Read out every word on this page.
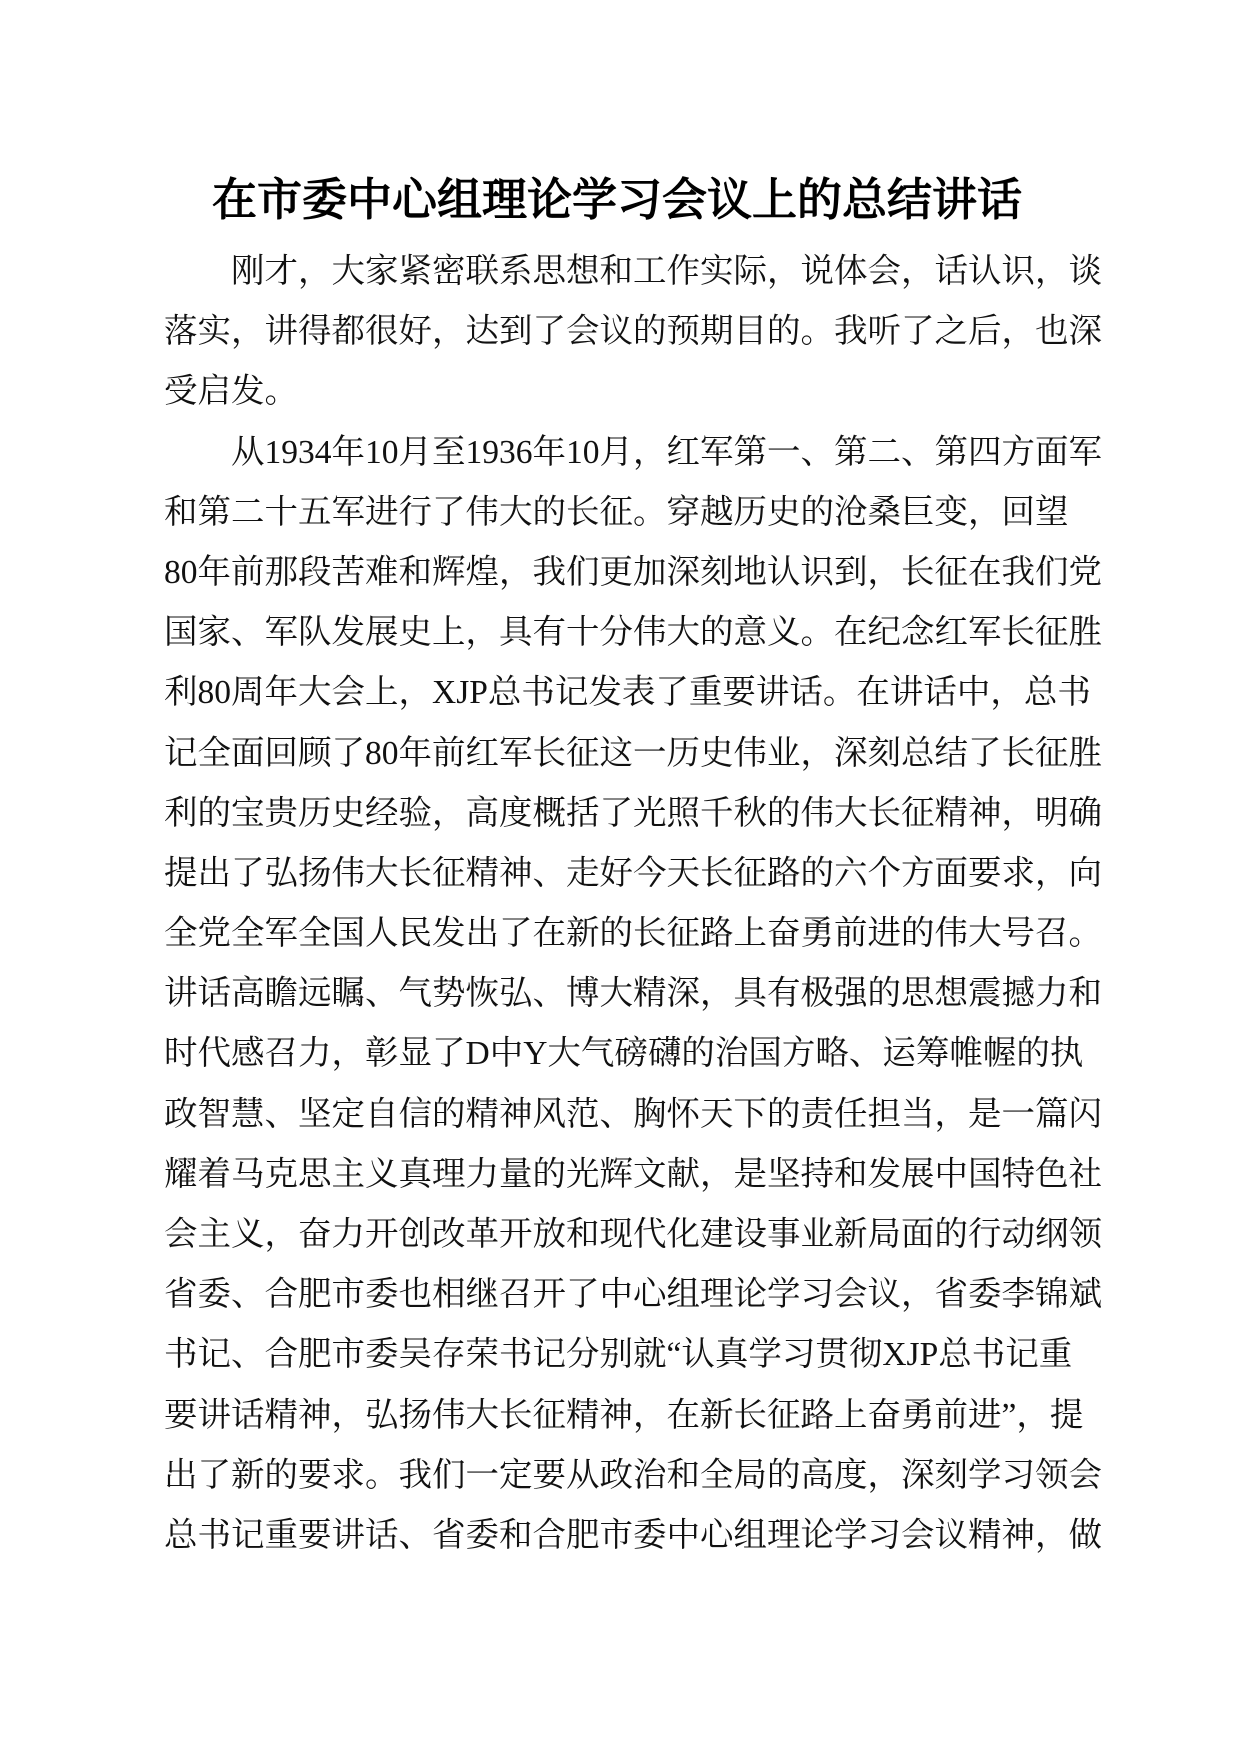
在市委中心组理论学习会议上的总结讲话
刚才，大家紧密联系思想和工作实际，说体会，话认识，谈
落实，讲得都很好，达到了会议的预期目的。我听了之后，也深
受启发。
从1934年10月至1936年10月，红军第一、第二、第四方面军
和第二十五军进行了伟大的长征。穿越历史的沧桑巨变，回望
80年前那段苦难和辉煌，我们更加深刻地认识到，长征在我们党
国家、军队发展史上，具有十分伟大的意义。在纪念红军长征胜
利80周年大会上，XJP总书记发表了重要讲话。在讲话中，总书
记全面回顾了80年前红军长征这一历史伟业，深刻总结了长征胜
利的宝贵历史经验，高度概括了光照千秋的伟大长征精神，明确
提出了弘扬伟大长征精神、走好今天长征路的六个方面要求，向
全党全军全国人民发出了在新的长征路上奋勇前进的伟大号召。
讲话高瞻远瞩、气势恢弘、博大精深，具有极强的思想震撼力和
时代感召力，彰显了D中Y大气磅礴的治国方略、运筹帷幄的执
政智慧、坚定自信的精神风范、胸怀天下的责任担当，是一篇闪
耀着马克思主义真理力量的光辉文献，是坚持和发展中国特色社
会主义，奋力开创改革开放和现代化建设事业新局面的行动纲领
省委、合肥市委也相继召开了中心组理论学习会议，省委李锦斌
书记、合肥市委吴存荣书记分别就“认真学习贯彻XJP总书记重
要讲话精神，弘扬伟大长征精神，在新长征路上奋勇前进”，提
出了新的要求。我们一定要从政治和全局的高度，深刻学习领会
总书记重要讲话、省委和合肥市委中心组理论学习会议精神，做
